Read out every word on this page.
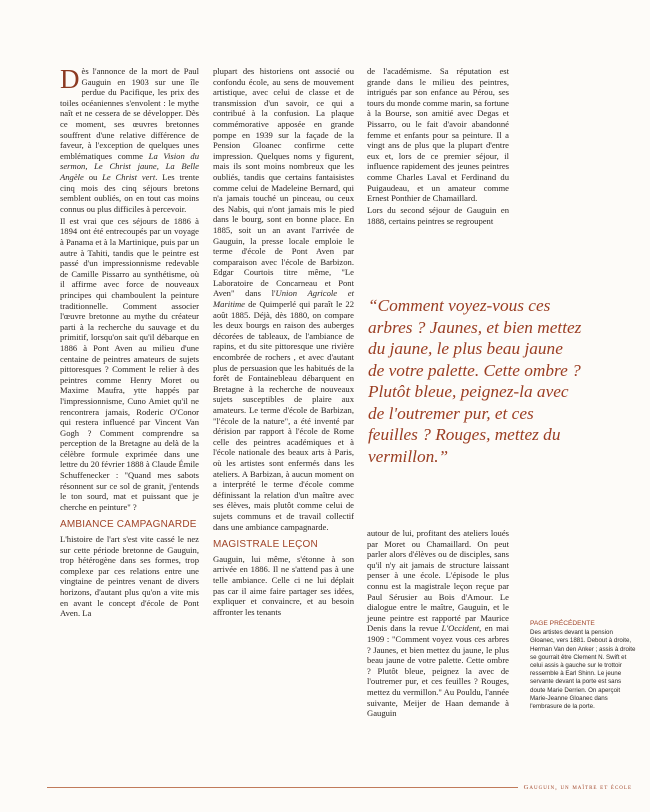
Dès l'annonce de la mort de Paul Gauguin en 1903 sur une île perdue du Pacifique, les prix des toiles océaniennes s'envolent : le mythe naît et ne cessera de se développer. Dès ce moment, ses œuvres bretonnes souffrent d'une relative différence de faveur, à l'exception de quelques unes emblématiques comme La Vision du sermon, Le Christ jaune, La Belle Angèle ou Le Christ vert. Les trente cinq mois des cinq séjours bretons semblent oubliés, on en tout cas moins connus ou plus difficiles à percevoir.

Il est vrai que ces séjours de 1886 à 1894 ont été entrecoupés par un voyage à Panama et à la Martinique, puis par un autre à Tahiti, tandis que le peintre est passé d'un impressionnisme redevable de Camille Pissarro au synthétisme, où il affirme avec force de nouveaux principes qui chamboulent la peinture traditionnelle. Comment associer l'œuvre bretonne au mythe du créateur parti à la recherche du sauvage et du primitif, lorsqu'on sait qu'il débarque en 1886 à Pont Aven au milieu d'une centaine de peintres amateurs de sujets pittoresques ? Comment le relier à des peintres comme Henry Moret ou Maxime Maufra, ytte happés par l'impressionnisme, Cuno Amiet qu'il ne rencontrera jamais, Roderic O'Conor qui restera influencé par Vincent Van Gogh ? Comment comprendre sa perception de la Bretagne au delà de la célèbre formule exprimée dans une lettre du 20 février 1888 à Claude Émile Schuffenecker : "Quand mes sabots résonnent sur ce sol de granit, j'entends le ton sourd, mat et puissant que je cherche en peinture" ?

AMBIANCE CAMPAGNARDE

L'histoire de l'art s'est vite cassé le nez sur cette période bretonne de Gauguin, trop hétérogène dans ses formes, trop complexe par ces relations entre une vingtaine de peintres venant de divers horizons, d'autant plus qu'on a vite mis en avant le concept d'école de Pont Aven. La

plupart des historiens ont associé ou confondu école, au sens de mouvement artistique, avec celui de classe et de transmission d'un savoir, ce qui a contribué à la confusion. La plaque commémorative apposée en grande pompe en 1939 sur la façade de la Pension Gloanec confirme cette impression. Quelques noms y figurent, mais ils sont moins nombreux que les oubliés, tandis que certains fantaisistes comme celui de Madeleine Bernard, qui n'a jamais touché un pinceau, ou ceux des Nabis, qui n'ont jamais mis le pied dans le bourg, sont en bonne place. En 1885, soit un an avant l'arrivée de Gauguin, la presse locale emploie le terme d'école de Pont Aven par comparaison avec l'école de Barbizon. Edgar Courtois titre même, "Le Laboratoire de Concarneau et Pont Aven" dans l'Union Agricole et Maritime de Quimperlé qui paraît le 22 août 1885. Déjà, dès 1880, on compare les deux bourgs en raison des auberges décorées de tableaux, de l'ambiance de rapins, et du site pittoresque une rivière encombrée de rochers , et avec d'autant plus de persuasion que les habitués de la forêt de Fontainebleau débarquent en Bretagne à la recherche de nouveaux sujets susceptibles de plaire aux amateurs. Le terme d'école de Barbizan, "l'école de la nature", a été inventé par dérision par rapport à l'école de Rome celle des peintres académiques et à l'école nationale des beaux arts à Paris, où les artistes sont enfermés dans les ateliers. A Barbizan, à aucun moment on a interprété le terme d'école comme définissant la relation d'un maître avec ses élèves, mais plutôt comme celui de sujets communs et de travail collectif dans une ambiance campagnarde.

MAGISTRALE LEÇON

Gauguin, lui même, s'étonne à son arrivée en 1886. Il ne s'attend pas à une telle ambiance. Celle ci ne lui déplait pas car il aime faire partager ses idées, expliquer et convaincre, et au besoin affronter les tenants

de l'académisme. Sa réputation est grande dans le milieu des peintres, intrigués par son enfance au Pérou, ses tours du monde comme marin, sa fortune à la Bourse, son amitié avec Degas et Pissarro, ou le fait d'avoir abandonné femme et enfants pour sa peinture. Il a vingt ans de plus que la plupart d'entre eux et, lors de ce premier séjour, il influence rapidement des jeunes peintres comme Charles Laval et Ferdinand du Puigaudeau, et un amateur comme Ernest Ponthier de Chamaillard.

Lors du second séjour de Gauguin en 1888, certains peintres se regroupent

“Comment voyez-vous ces arbres ? Jaunes, et bien mettez du jaune, le plus beau jaune de votre palette. Cette ombre ? Plutôt bleue, peignez-la avec de l'outremer pur, et ces feuilles ? Rouges, mettez du vermillon.”

autour de lui, profitant des ateliers loués par Moret ou Chamaillard. On peut parler alors d'élèves ou de disciples, sans qu'il n'y ait jamais de structure laissant penser à une école. L'épisode le plus connu est la magistrale leçon reçue par Paul Sérusier au Bois d'Amour. Le dialogue entre le maître, Gauguin, et le jeune peintre est rapporté par Maurice Denis dans la revue L'Occident, en mai 1909 : "Comment voyez vous ces arbres ? Jaunes, et bien mettez du jaune, le plus beau jaune de votre palette. Cette ombre ? Plutôt bleue, peignez la avec de l'outremer pur, et ces feuilles ? Rouges, mettez du vermillon." Au Pouldu, l'année suivante, Meijer de Haan demande à Gauguin

PAGE PRÉCÉDENTE
Des artistes devant la pension Gloanec, vers 1881. Debout à droite, Herman Van den Anker ; assis à droite se gourrait être Clement N. Swift et celui assis à gauche sur le trottoir ressemble à Earl Shinn. Le jeune servante devant la porte est sans doute Marie Derrien. On aperçoit Marie-Jeanne Gloanec dans l'embrasure de la porte.
Gauguin, un maître et école
